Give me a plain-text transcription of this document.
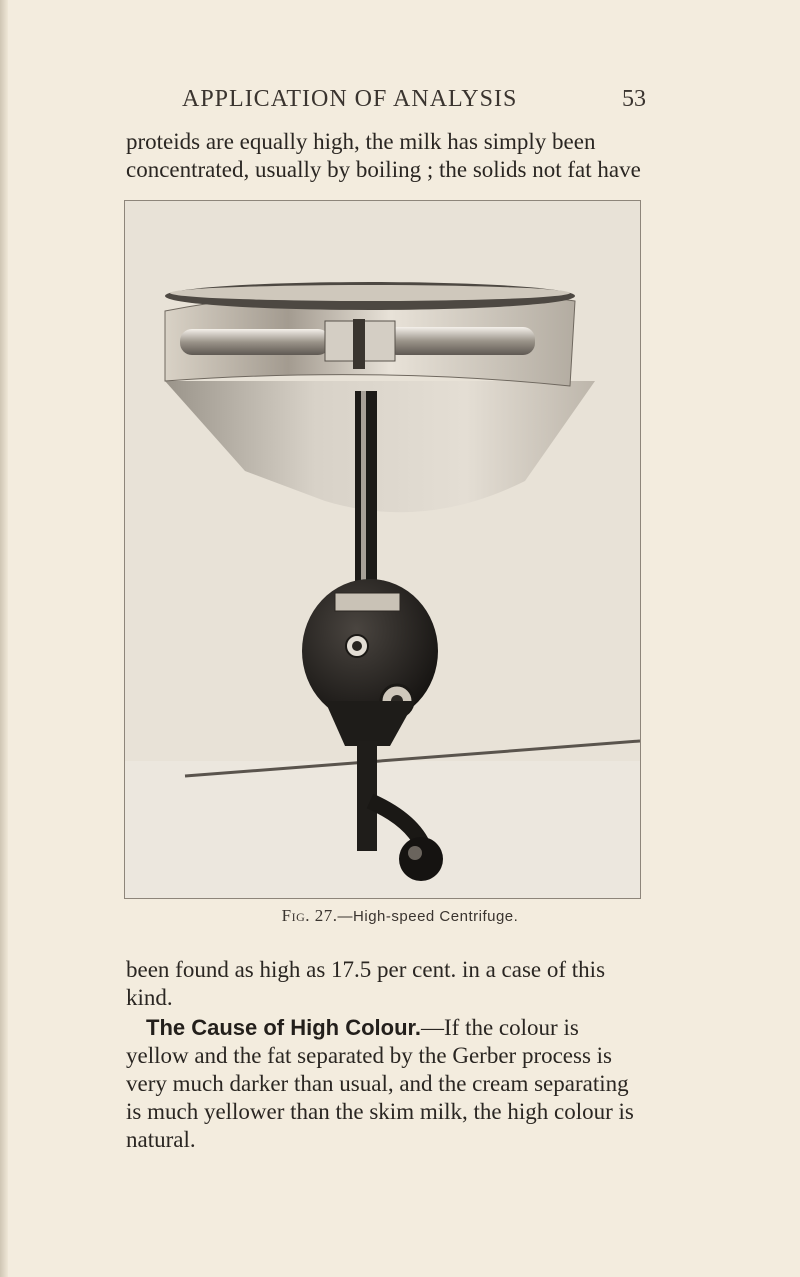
APPLICATION OF ANALYSIS	53
proteids are equally high, the milk has simply been
concentrated, usually by boiling ; the solids not fat have
Fig. 27.—High-speed Centrifuge.
been found as high as 17.5 per cent. in a case of this
kind.
The Cause of High Colour.—If the colour is
yellow and the fat separated by the Gerber process is
very much darker than usual, and the cream separating
is much yellower than the skim milk, the high colour is
natural.
